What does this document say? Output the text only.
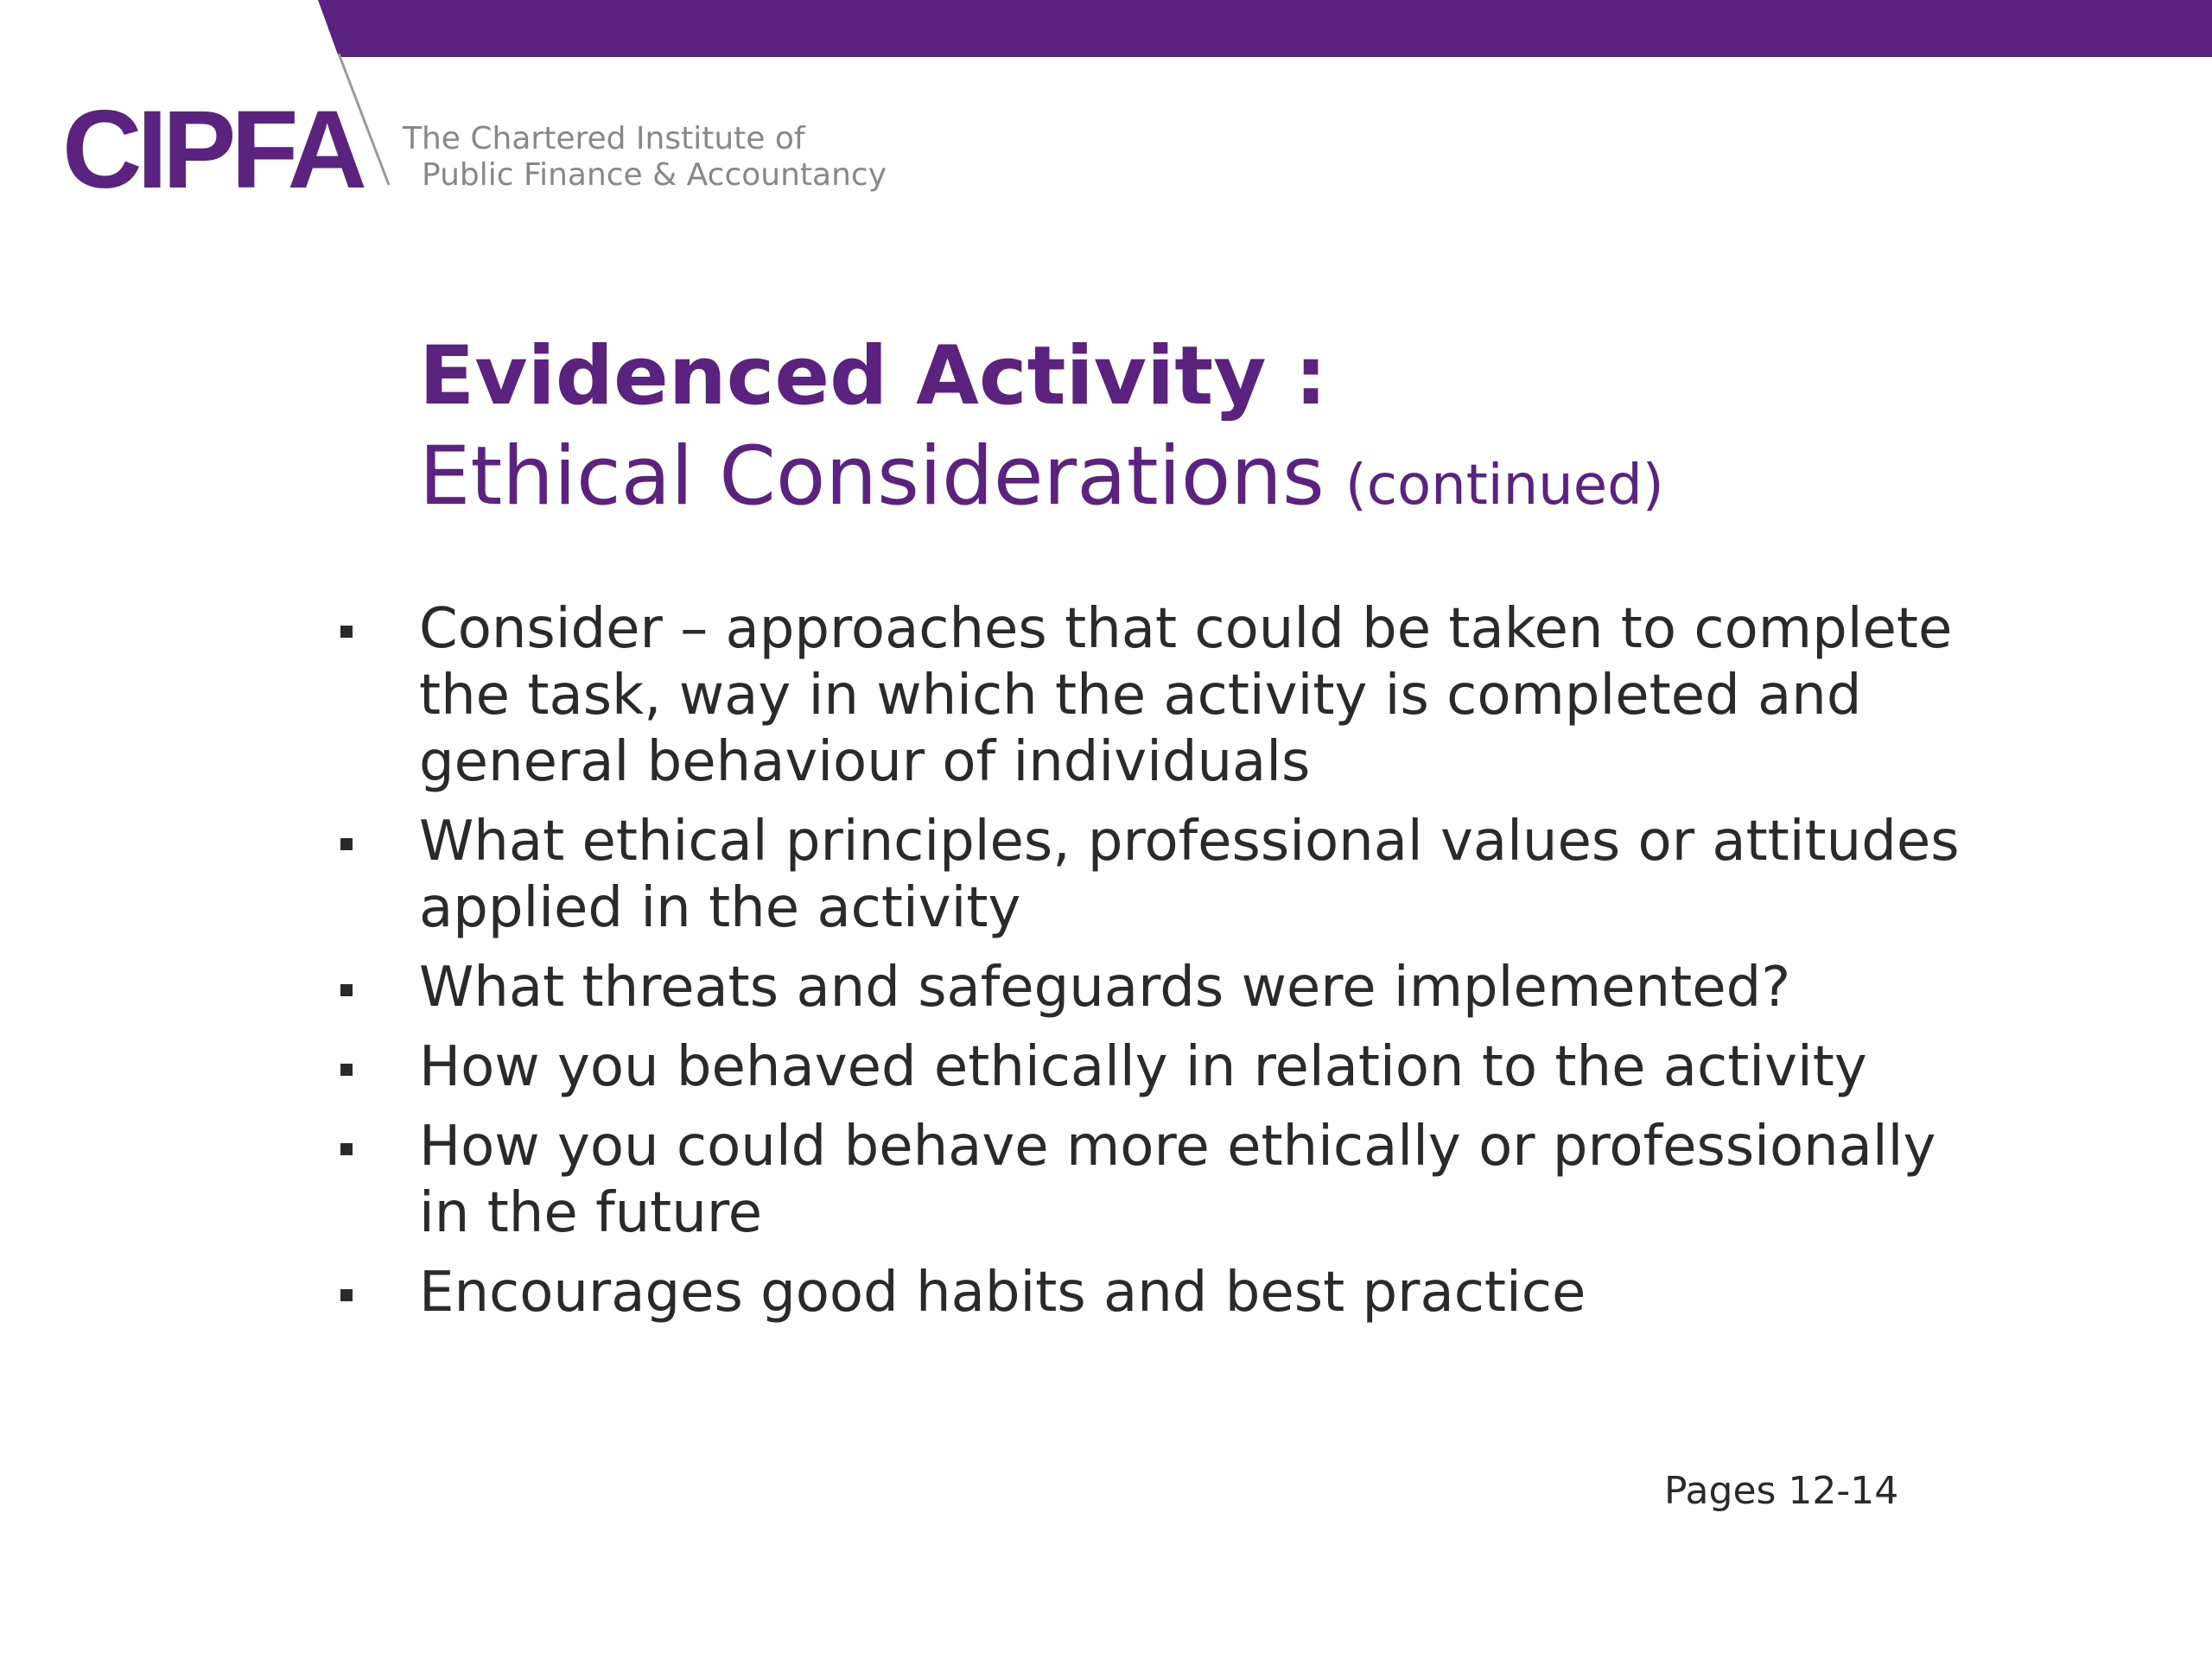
CIPFA The Chartered Institute of
Public Finance & Accountancy
Evidenced Activity :
Ethical Considerations (continued)
Consider – approaches that could be taken to complete the task, way in which the activity is completed and general behaviour of individuals
What ethical principles, professional values or attitudes applied in the activity
What threats and safeguards were implemented?
How you behaved ethically in relation to the activity
How you could behave more ethically or professionally in the future
Encourages good habits and best practice
Pages 12-14
